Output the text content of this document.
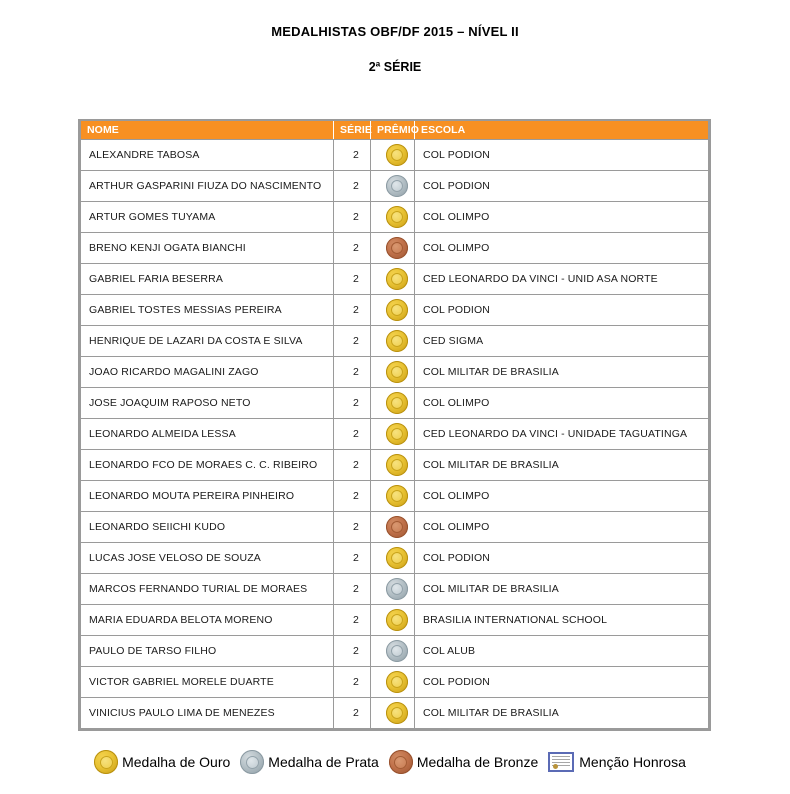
MEDALHISTAS OBF/DF 2015 – NÍVEL II
2ª SÉRIE
NOME	SÉRIE	PRÊMIO	ESCOLA
ALEXANDRE TABOSA	2		COL PODION
ARTHUR GASPARINI FIUZA DO NASCIMENTO	2		COL PODION
ARTUR GOMES TUYAMA	2		COL OLIMPO
BRENO KENJI OGATA BIANCHI	2		COL OLIMPO
GABRIEL FARIA BESERRA	2		CED LEONARDO DA VINCI - UNID ASA NORTE
GABRIEL TOSTES MESSIAS PEREIRA	2		COL PODION
HENRIQUE DE LAZARI DA COSTA E SILVA	2		CED SIGMA
JOAO RICARDO MAGALINI ZAGO	2		COL MILITAR DE BRASILIA
JOSE JOAQUIM RAPOSO NETO	2		COL OLIMPO
LEONARDO ALMEIDA LESSA	2		CED LEONARDO DA VINCI - UNIDADE TAGUATINGA
LEONARDO FCO DE MORAES C. C. RIBEIRO	2		COL MILITAR DE BRASILIA
LEONARDO MOUTA PEREIRA PINHEIRO	2		COL OLIMPO
LEONARDO SEIICHI KUDO	2		COL OLIMPO
LUCAS JOSE VELOSO DE SOUZA	2		COL PODION
MARCOS FERNANDO TURIAL DE MORAES	2		COL MILITAR DE BRASILIA
MARIA EDUARDA BELOTA MORENO	2		BRASILIA INTERNATIONAL SCHOOL
PAULO DE TARSO FILHO	2		COL ALUB
VICTOR GABRIEL MORELE DUARTE	2		COL PODION
VINICIUS PAULO LIMA DE MENEZES	2		COL MILITAR DE BRASILIA
Medalha de Ouro	Medalha de Prata	Medalha de Bronze	Menção Honrosa
